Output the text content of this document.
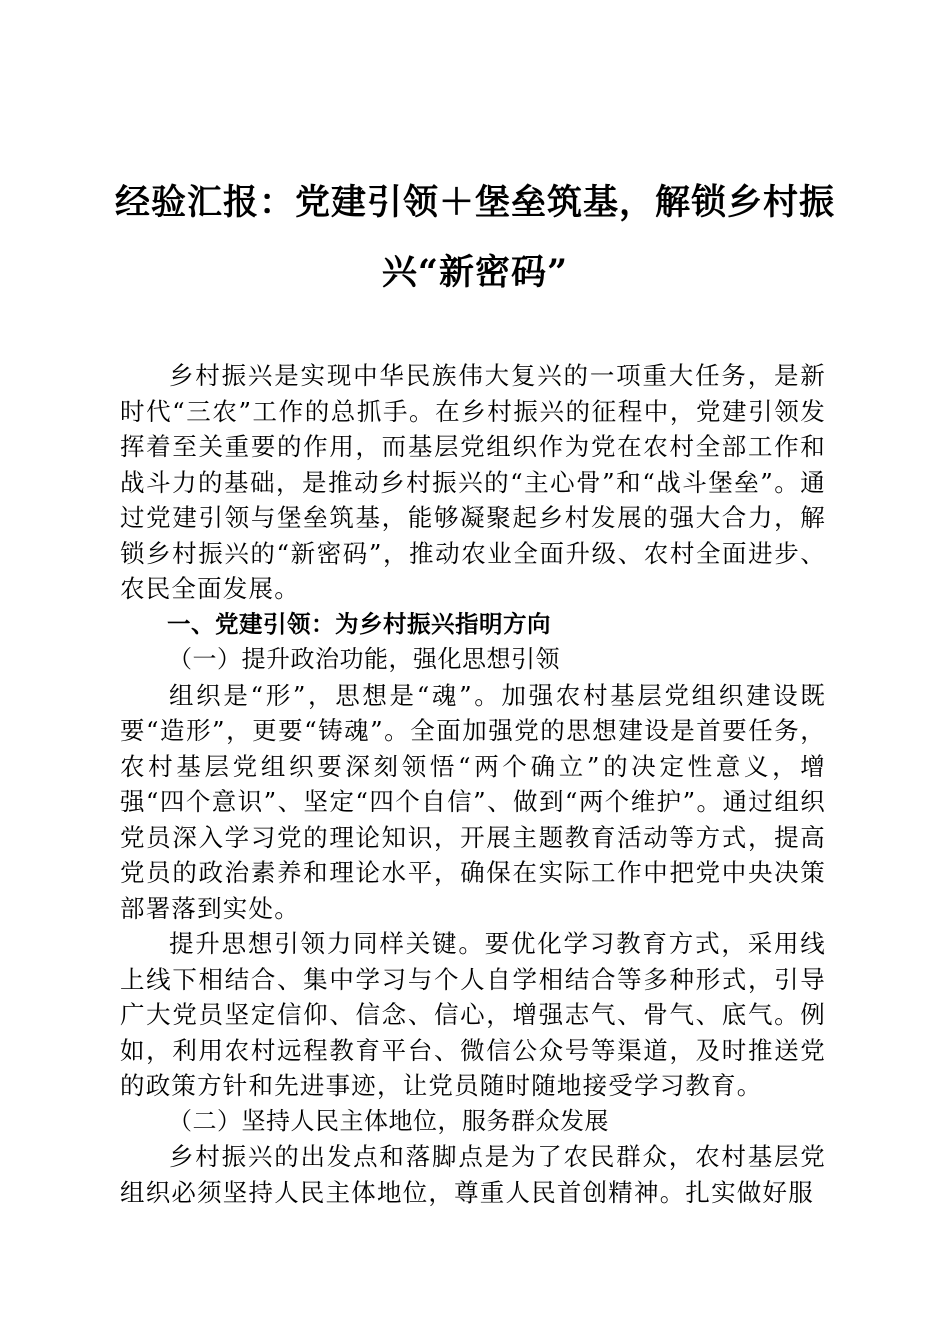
经验汇报：党建引领＋堡垒筑基，解锁乡村振
兴“新密码”

乡村振兴是实现中华民族伟大复兴的一项重大任务，是新时代“三农”工作的总抓手。在乡村振兴的征程中，党建引领发挥着至关重要的作用，而基层党组织作为党在农村全部工作和战斗力的基础，是推动乡村振兴的“主心骨”和“战斗堡垒”。通过党建引领与堡垒筑基，能够凝聚起乡村发展的强大合力，解锁乡村振兴的“新密码”，推动农业全面升级、农村全面进步、农民全面发展。

一、党建引领：为乡村振兴指明方向

（一）提升政治功能，强化思想引领

组织是“形”，思想是“魂”。加强农村基层党组织建设既要“造形”，更要“铸魂”。全面加强党的思想建设是首要任务，农村基层党组织要深刻领悟“两个确立”的决定性意义，增强“四个意识”、坚定“四个自信”、做到“两个维护”。通过组织党员深入学习党的理论知识，开展主题教育活动等方式，提高党员的政治素养和理论水平，确保在实际工作中把党中央决策部署落到实处。

提升思想引领力同样关键。要优化学习教育方式，采用线上线下相结合、集中学习与个人自学相结合等多种形式，引导广大党员坚定信仰、信念、信心，增强志气、骨气、底气。例如，利用农村远程教育平台、微信公众号等渠道，及时推送党的政策方针和先进事迹，让党员随时随地接受学习教育。

（二）坚持人民主体地位，服务群众发展

乡村振兴的出发点和落脚点是为了农民群众，农村基层党组织必须坚持人民主体地位，尊重人民首创精神。扎实做好服
